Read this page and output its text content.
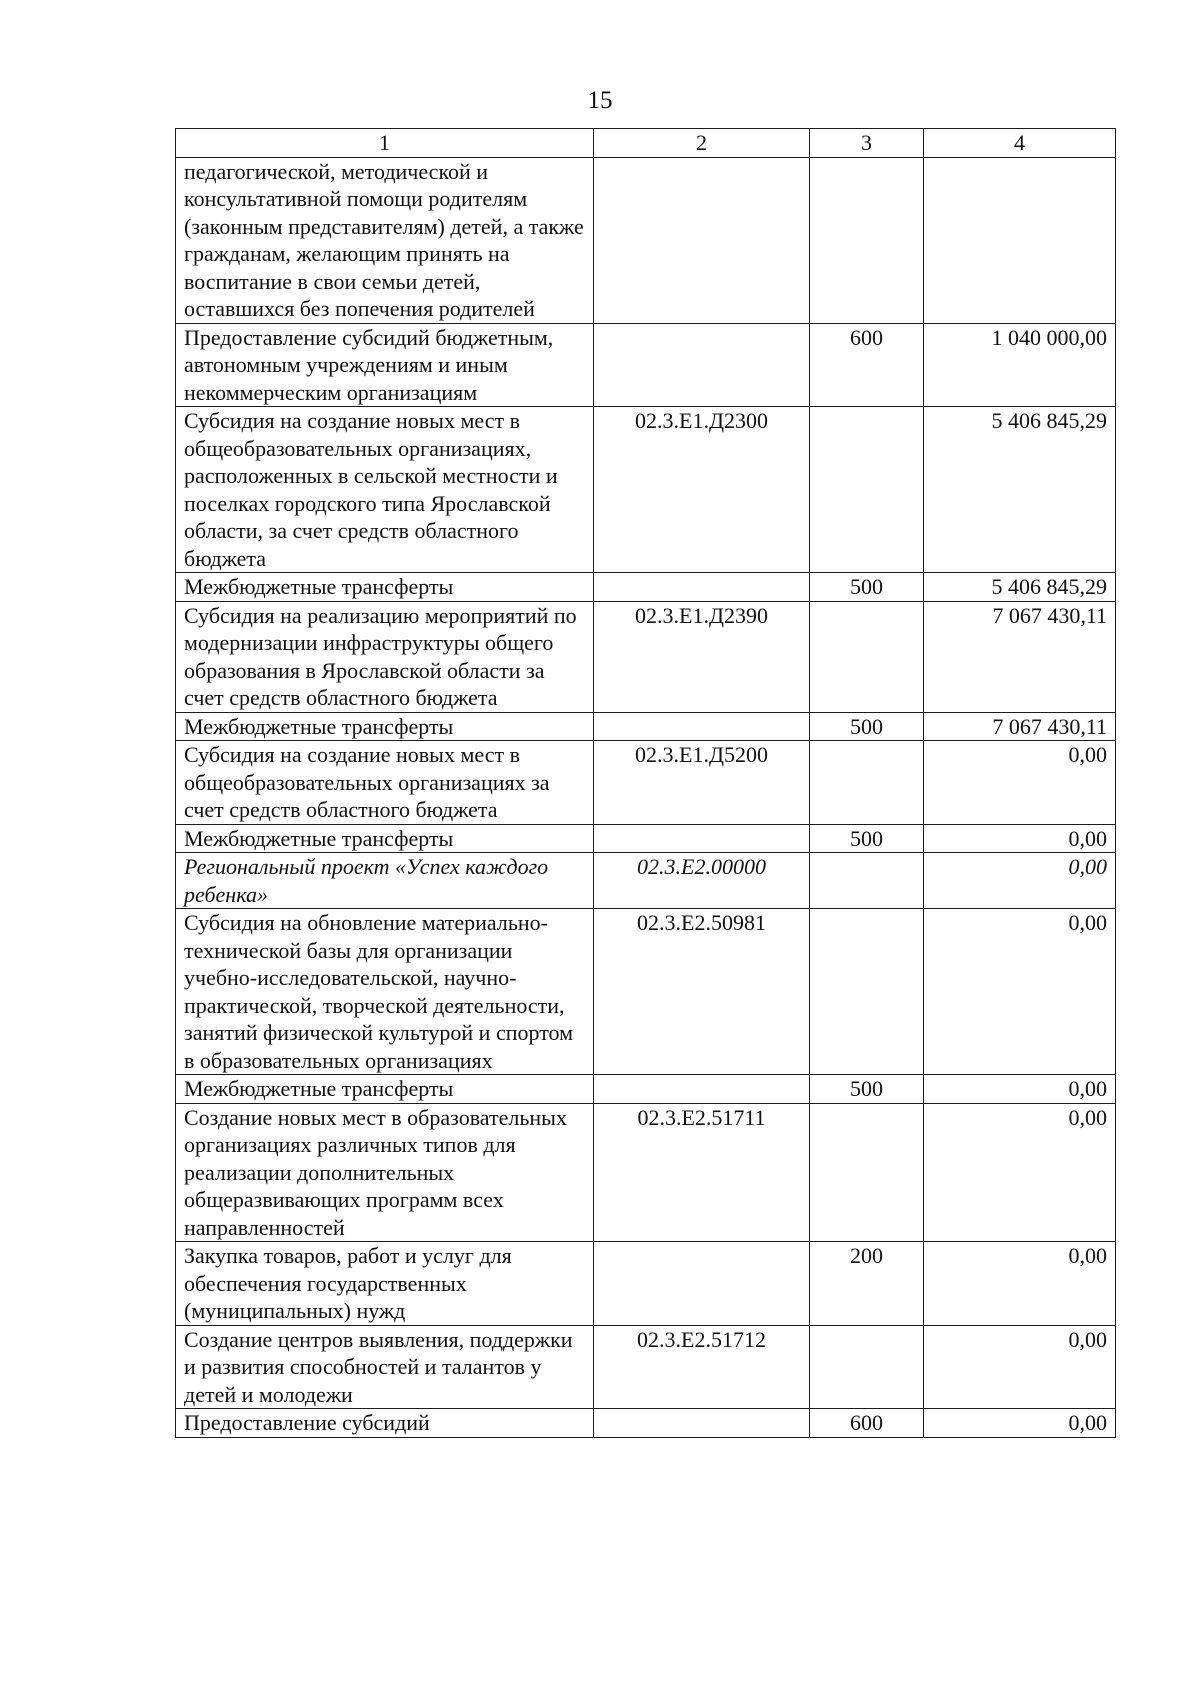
15
1	2	3	4
педагогической, методической и консультативной помощи родителям (законным представителям) детей, а также гражданам, желающим принять на воспитание в свои семьи детей, оставшихся без попечения родителей			
Предоставление субсидий бюджетным, автономным учреждениям и иным некоммерческим организациям		600	1 040 000,00
Субсидия на создание новых мест в общеобразовательных организациях, расположенных в сельской местности и поселках городского типа Ярославской области, за счет средств областного бюджета	02.3.E1.Д2300		5 406 845,29
Межбюджетные трансферты		500	5 406 845,29
Субсидия на реализацию мероприятий по модернизации инфраструктуры общего образования в Ярославской области за счет средств областного бюджета	02.3.E1.Д2390		7 067 430,11
Межбюджетные трансферты		500	7 067 430,11
Субсидия на создание новых мест в общеобразовательных организациях за счет средств областного бюджета	02.3.E1.Д5200		0,00
Межбюджетные трансферты		500	0,00
Региональный проект «Успех каждого ребенка»	02.3.E2.00000		0,00
Субсидия на обновление материально-технической базы для организации учебно-исследовательской, научно-практической, творческой деятельности, занятий физической культурой и спортом в образовательных организациях	02.3.E2.50981		0,00
Межбюджетные трансферты		500	0,00
Создание новых мест в образовательных организациях различных типов для реализации дополнительных общеразвивающих программ всех направленностей	02.3.E2.51711		0,00
Закупка товаров, работ и услуг для обеспечения государственных (муниципальных) нужд		200	0,00
Создание центров выявления, поддержки и развития способностей и талантов у детей и молодежи	02.3.E2.51712		0,00
Предоставление субсидий		600	0,00
